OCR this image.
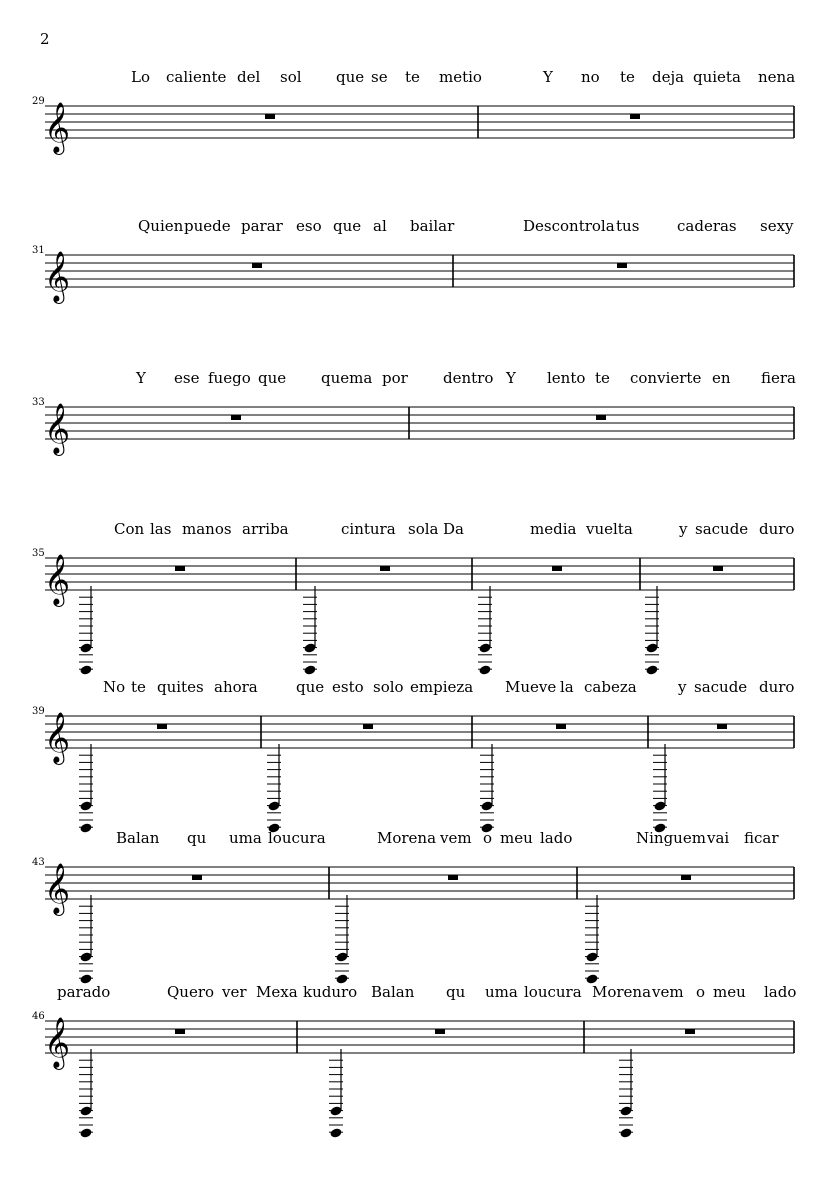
2
29
Lo caliente del sol que se te metio	Y no te deja quieta nena
𝄞
31
Quien puede parar eso que al bailar	Descontrola tus	caderas sexy
𝄞
33
Y ese fuego que quema por dentro Y lento te convierte en fiera
𝄞
35
Con las manos arriba	cintura sola Da	media vuelta	y sacude duro
𝄞
39
No te quites ahora	que esto solo empieza Mueve la cabeza	y sacude duro
𝄞
43
Balan qu uma loucura	Morena vem o meu lado	Ninguem vai ficar
𝄞
46
parado	Quero ver Mexa kuduro Balan qu uma loucura Morena vem o meu lado
𝄞
